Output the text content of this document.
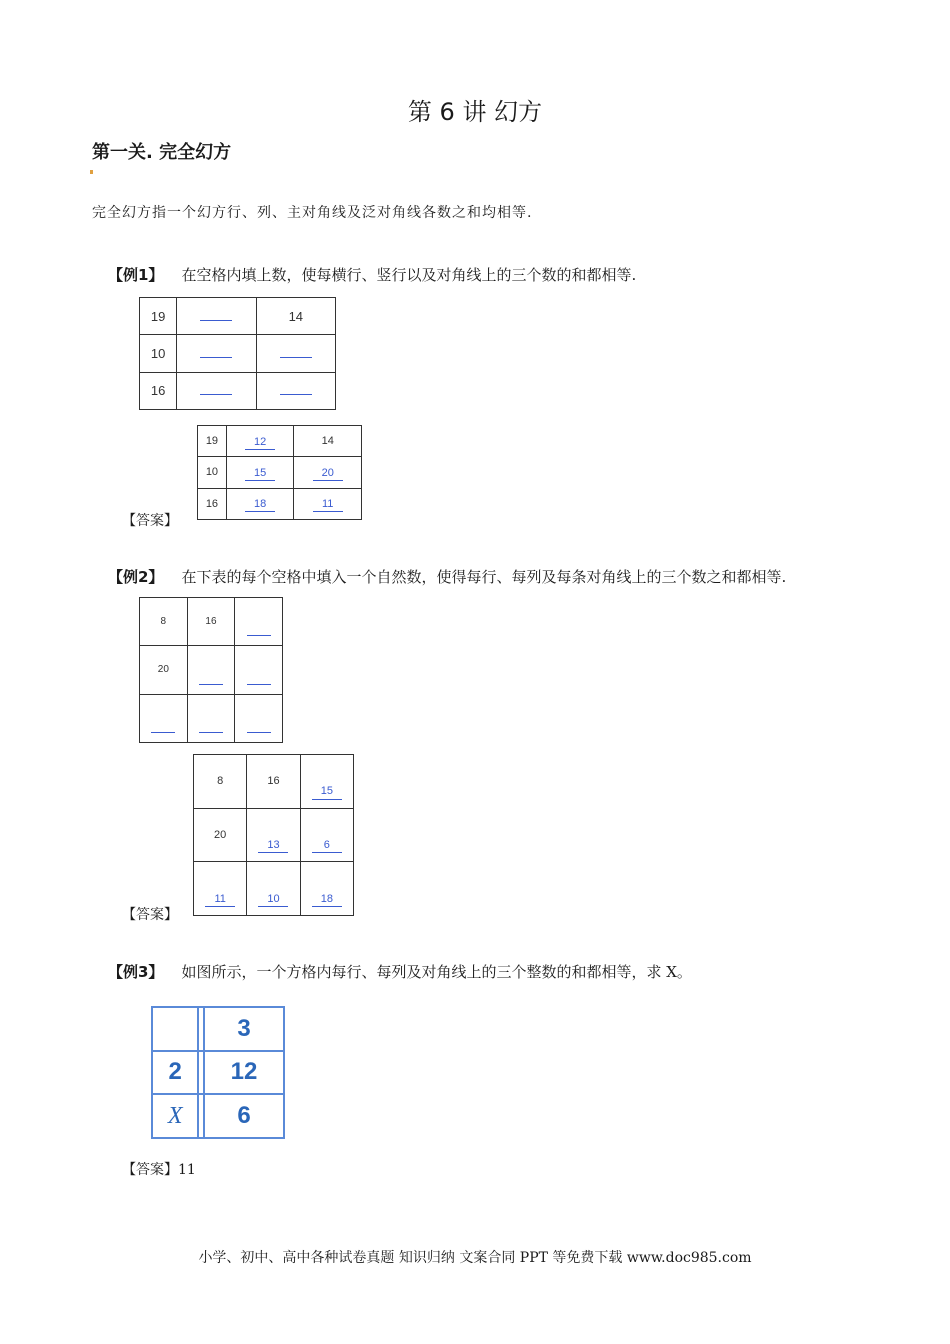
第 6 讲 幻方
第一关. 完全幻方
完全幻方指一个幻方行、列、主对角线及泛对角线各数之和均相等.
【例1】 在空格内填上数，使每横行、竖行以及对角线上的三个数的和都相等.
19		14
10		
16		
【答案】
19	12	14
10	15	20
16	18	11
【例2】 在下表的每个空格中填入一个自然数，使得每行、每列及每条对角线上的三个数之和都相等.
8	16	
20		

【答案】
8	16	15
20	13	6
11	10	18
【例3】 如图所示，一个方格内每行、每列及对角线上的三个整数的和都相等，求 X。
		3
2		12
X		6
【答案】11
小学、初中、高中各种试卷真题 知识归纳 文案合同 PPT 等免费下载 www.doc985.com
